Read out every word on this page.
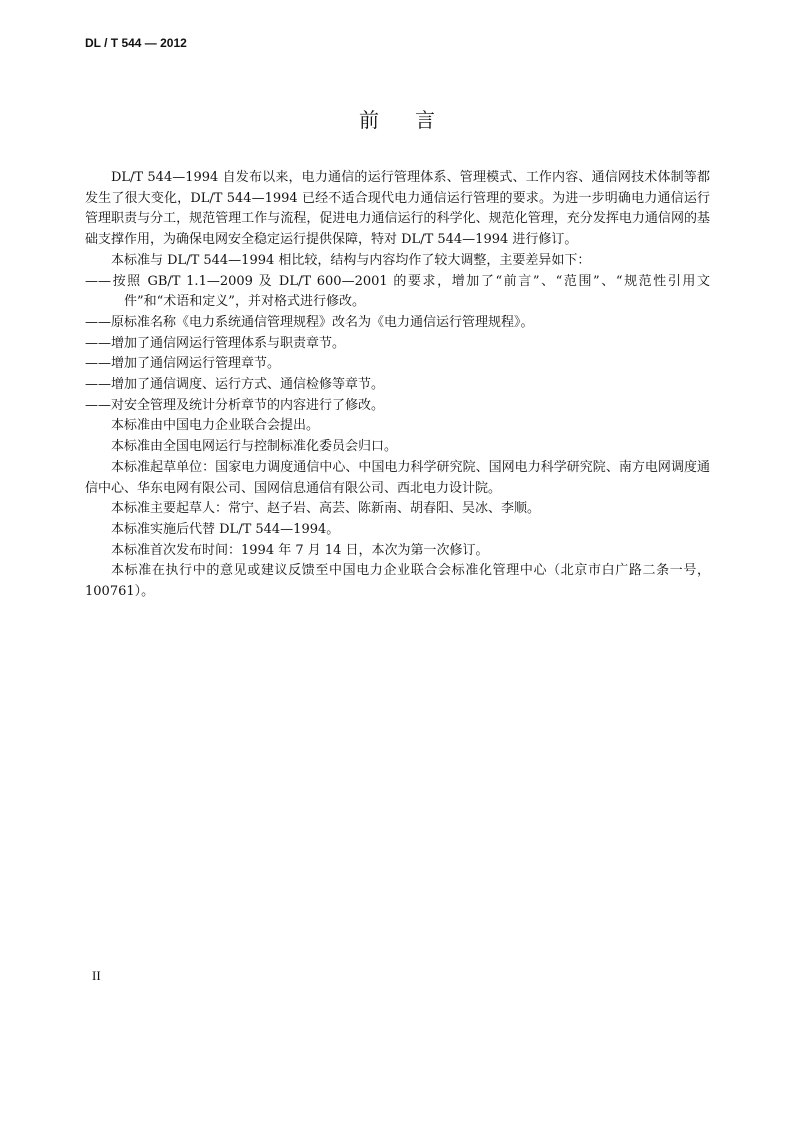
DL / T 544 — 2012
前言

DL/T 544—1994 自发布以来，电力通信的运行管理体系、管理模式、工作内容、通信网技术体制等都发生了很大变化，DL/T 544—1994 已经不适合现代电力通信运行管理的要求。为进一步明确电力通信运行管理职责与分工，规范管理工作与流程，促进电力通信运行的科学化、规范化管理，充分发挥电力通信网的基础支撑作用，为确保电网安全稳定运行提供保障，特对 DL/T 544—1994 进行修订。

本标准与 DL/T 544—1994 相比较，结构与内容均作了较大调整，主要差异如下：

——按照 GB/T 1.1—2009 及 DL/T 600—2001 的要求，增加了“前言”、“范围”、“规范性引用文件”和“术语和定义”，并对格式进行修改。

——原标准名称《电力系统通信管理规程》改名为《电力通信运行管理规程》。

——增加了通信网运行管理体系与职责章节。

——增加了通信网运行管理章节。

——增加了通信调度、运行方式、通信检修等章节。

——对安全管理及统计分析章节的内容进行了修改。

本标准由中国电力企业联合会提出。

本标准由全国电网运行与控制标准化委员会归口。

本标准起草单位：国家电力调度通信中心、中国电力科学研究院、国网电力科学研究院、南方电网调度通信中心、华东电网有限公司、国网信息通信有限公司、西北电力设计院。

本标准主要起草人：常宁、赵子岩、高芸、陈新南、胡春阳、吴冰、李顺。

本标准实施后代替 DL/T 544—1994。

本标准首次发布时间：1994 年 7 月 14 日，本次为第一次修订。

本标准在执行中的意见或建议反馈至中国电力企业联合会标准化管理中心（北京市白广路二条一号，100761）。

II
